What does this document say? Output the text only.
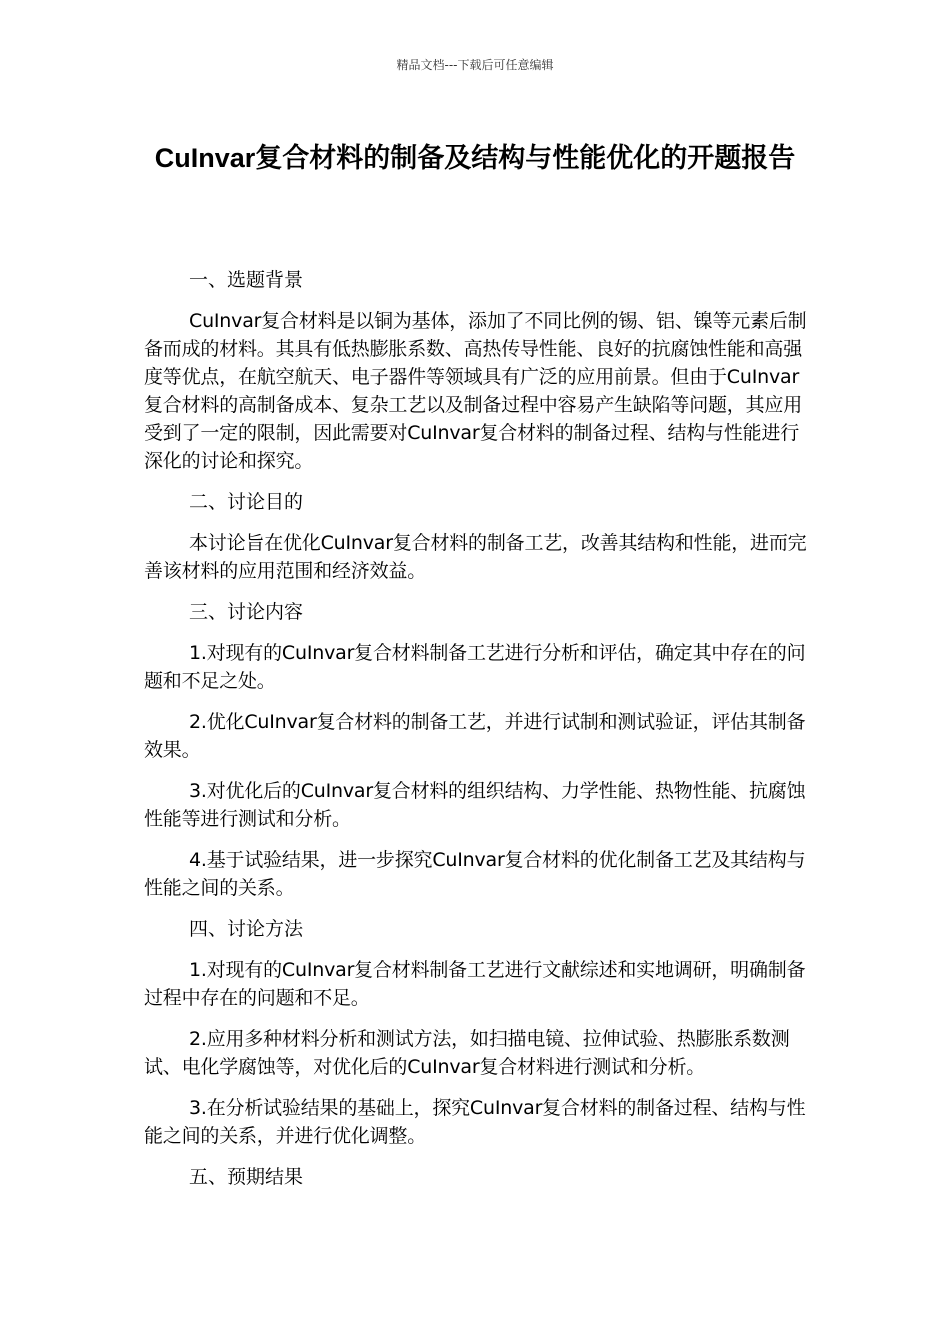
精品文档---下载后可任意编辑
CuInvar复合材料的制备及结构与性能优化的开题报告

一、选题背景

CuInvar复合材料是以铜为基体，添加了不同比例的锡、铝、镍等元素后制备而成的材料。其具有低热膨胀系数、高热传导性能、良好的抗腐蚀性能和高强度等优点，在航空航天、电子器件等领域具有广泛的应用前景。但由于CuInvar复合材料的高制备成本、复杂工艺以及制备过程中容易产生缺陷等问题，其应用受到了一定的限制，因此需要对CuInvar复合材料的制备过程、结构与性能进行深化的讨论和探究。

二、讨论目的

本讨论旨在优化CuInvar复合材料的制备工艺，改善其结构和性能，进而完善该材料的应用范围和经济效益。

三、讨论内容

1.对现有的CuInvar复合材料制备工艺进行分析和评估，确定其中存在的问题和不足之处。

2.优化CuInvar复合材料的制备工艺，并进行试制和测试验证，评估其制备效果。

3.对优化后的CuInvar复合材料的组织结构、力学性能、热物性能、抗腐蚀性能等进行测试和分析。

4.基于试验结果，进一步探究CuInvar复合材料的优化制备工艺及其结构与性能之间的关系。

四、讨论方法

1.对现有的CuInvar复合材料制备工艺进行文献综述和实地调研，明确制备过程中存在的问题和不足。

2.应用多种材料分析和测试方法，如扫描电镜、拉伸试验、热膨胀系数测试、电化学腐蚀等，对优化后的CuInvar复合材料进行测试和分析。

3.在分析试验结果的基础上，探究CuInvar复合材料的制备过程、结构与性能之间的关系，并进行优化调整。

五、预期结果
